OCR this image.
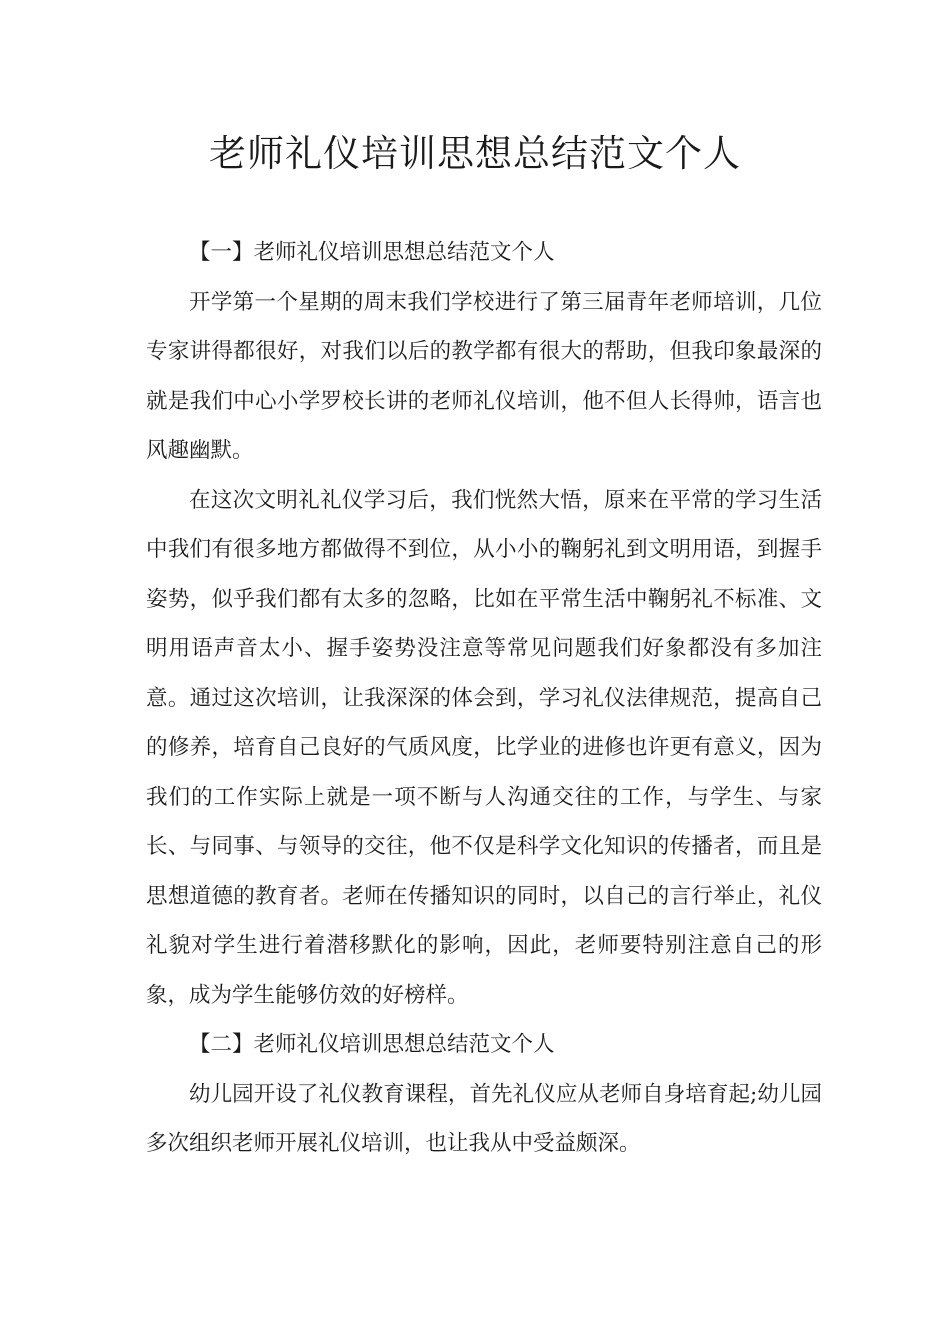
老师礼仪培训思想总结范文个人

【一】老师礼仪培训思想总结范文个人

开学第一个星期的周末我们学校进行了第三届青年老师培训，几位专家讲得都很好，对我们以后的教学都有很大的帮助，但我印象最深的就是我们中心小学罗校长讲的老师礼仪培训，他不但人长得帅，语言也风趣幽默。

在这次文明礼礼仪学习后，我们恍然大悟，原来在平常的学习生活中我们有很多地方都做得不到位，从小小的鞠躬礼到文明用语，到握手姿势，似乎我们都有太多的忽略，比如在平常生活中鞠躬礼不标准、文明用语声音太小、握手姿势没注意等常见问题我们好象都没有多加注意。通过这次培训，让我深深的体会到，学习礼仪法律规范，提高自己的修养，培育自己良好的气质风度，比学业的进修也许更有意义，因为我们的工作实际上就是一项不断与人沟通交往的工作，与学生、与家长、与同事、与领导的交往，他不仅是科学文化知识的传播者，而且是思想道德的教育者。老师在传播知识的同时，以自己的言行举止，礼仪礼貌对学生进行着潜移默化的影响，因此，老师要特别注意自己的形象，成为学生能够仿效的好榜样。

【二】老师礼仪培训思想总结范文个人

幼儿园开设了礼仪教育课程，首先礼仪应从老师自身培育起;幼儿园多次组织老师开展礼仪培训，也让我从中受益颇深。
